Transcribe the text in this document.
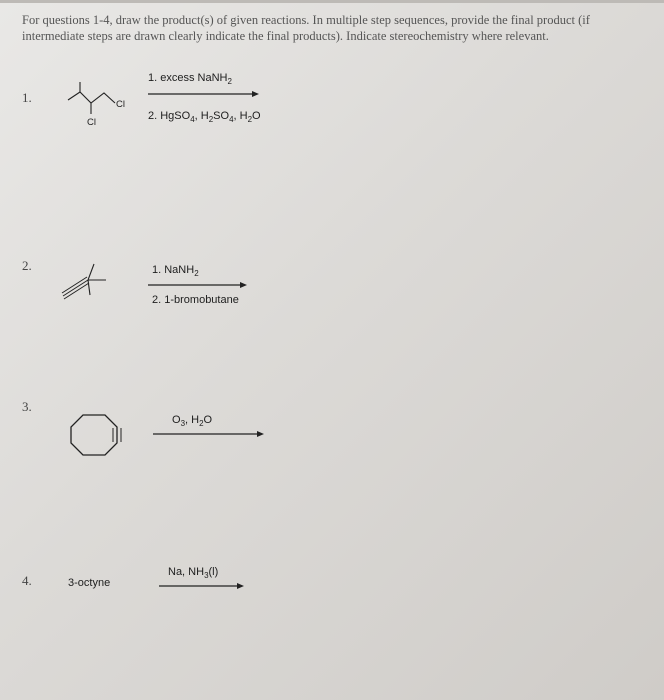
For questions 1-4, draw the product(s) of given reactions. In multiple step sequences, provide the final product (if intermediate steps are drawn clearly indicate the final products). Indicate stereochemistry where relevant.

1.	Cl
Cl
1. excess NaNH$_2$
2. HgSO$_4$, $H_2SO_4$, $H_2O$
2.	1. NaNH$_2$
2. 1-bromobutane
3.
$O_3$, $H_2O$
4.	3-octyne
Na, $NH_3(l)$
